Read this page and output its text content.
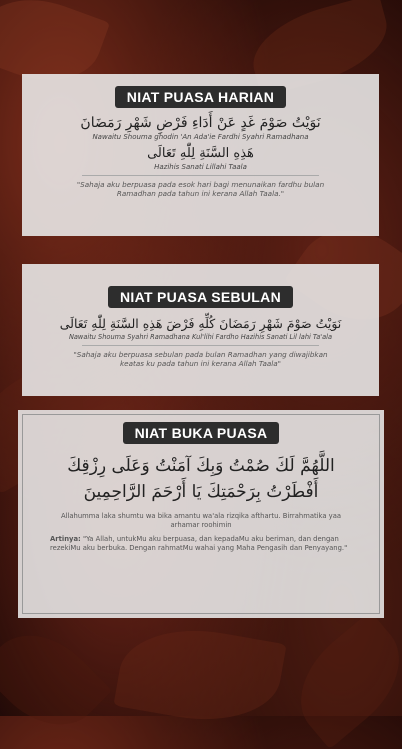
NIAT PUASA HARIAN
نَوَيْتُ صَوْمَ غَدٍ عَنْ أَدَاءِ فَرْضِ شَهْرِ رَمَضَانَ
Nawaitu Shouma ghodin 'An Ada'ie Fardhi Syahri Ramadhana
هَذِهِ السَّنَةِ لِلّٰهِ تَعَالَى
Hazihis Sanati Lillahi Taala
"Sahaja aku berpuasa pada esok hari bagi menunaikan fardhu bulan Ramadhan pada tahun ini kerana Allah Taala."
NIAT PUASA SEBULAN
نَوَيْتُ صَوْمَ شَهْرِ رَمَضَانَ كُلِّهِ فَرْضَ هَذِهِ السَّنَةِ لِلّٰهِ تَعَالَى
Nawaitu Shouma Syahri Ramadhana Kul'lihi Fardho Hazihis Sanati Lil lahi Ta'ala
"Sahaja aku berpuasa sebulan pada bulan Ramadhan yang diwajibkan keatas ku pada tahun ini kerana Allah Taala"
NIAT BUKA PUASA
اللَّهُمَّ لَكَ صُمْتُ وَبِكَ آمَنْتُ وَعَلَى رِزْقِكَ
أَفْطَرْتُ بِرَحْمَتِكَ يَا أَرْحَمَ الرَّاحِمِينَ
Allahumma laka shumtu wa bika amantu wa'ala rizqika afthartu. Birrahmatika yaa arhamar roohimin
Artinya: "Ya Allah, untukMu aku berpuasa, dan kepadaMu aku beriman, dan dengan rezekiMu aku berbuka. Dengan rahmatMu wahai yang Maha Pengasih dan Penyayang."
